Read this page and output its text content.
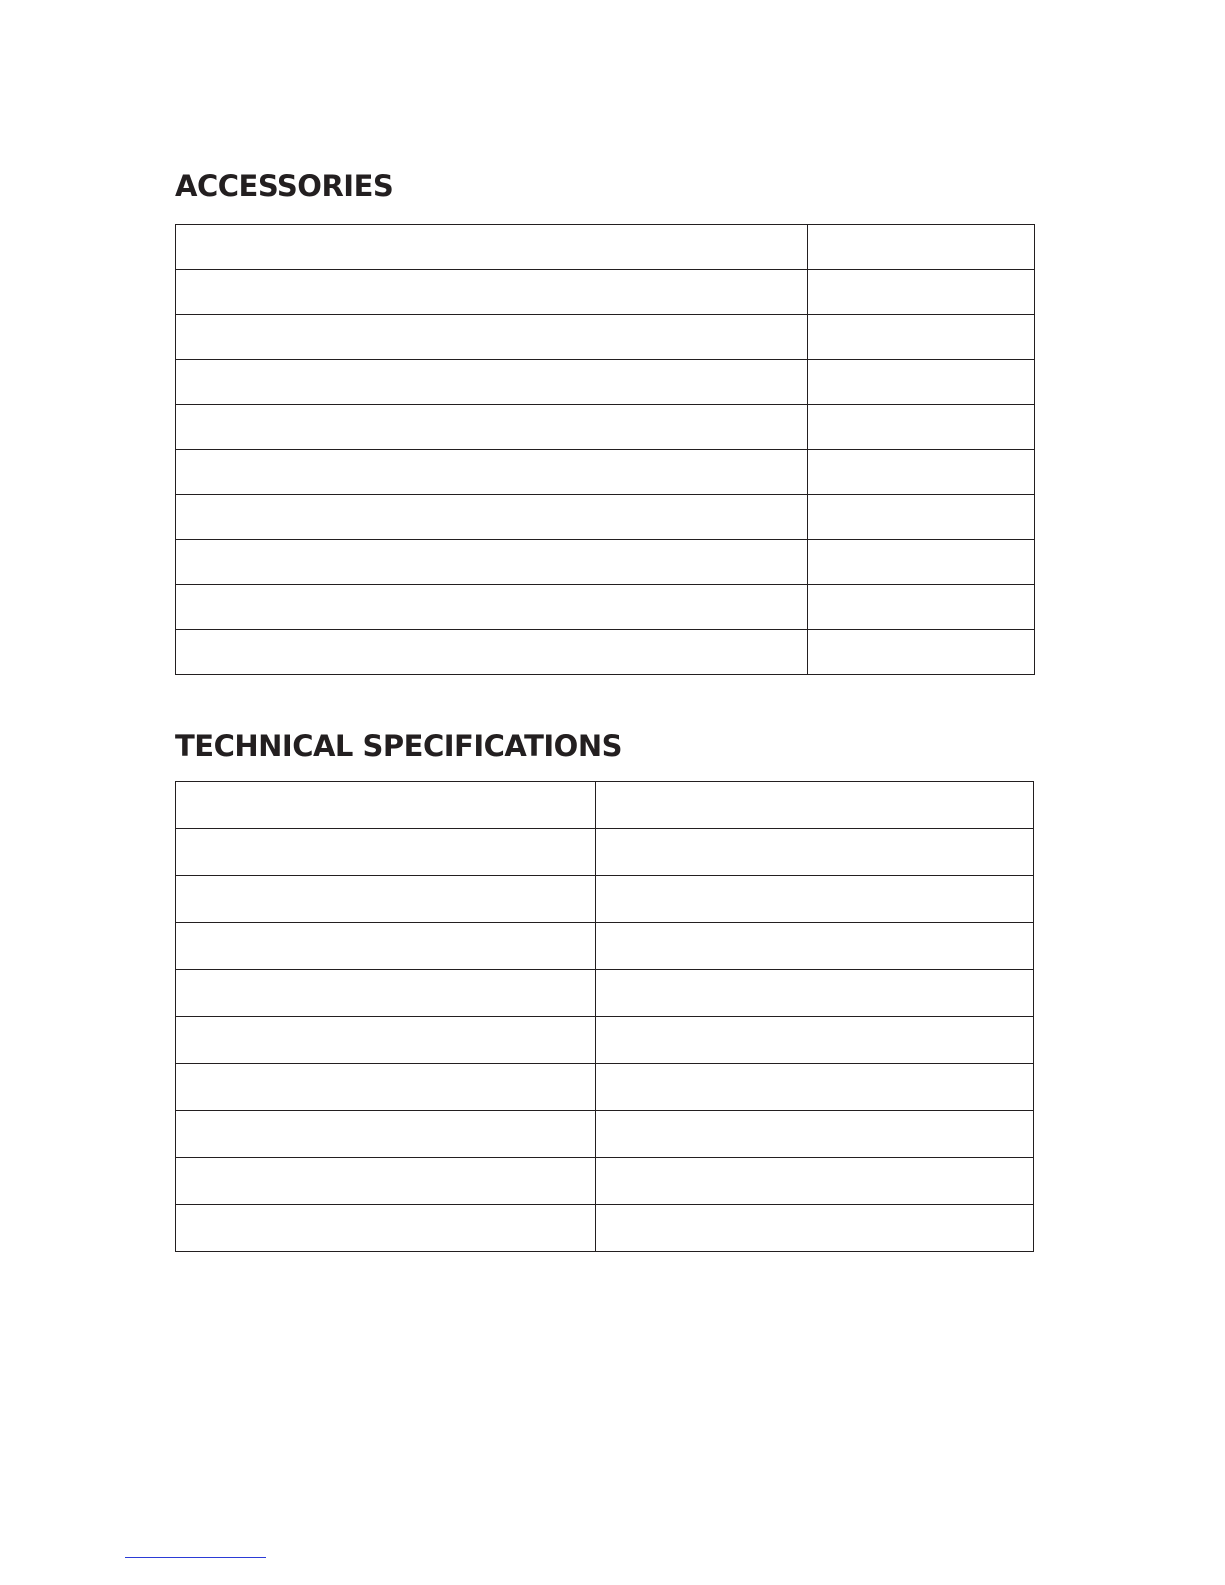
ACCESSORIES

TECHNICAL SPECIFICATIONS
